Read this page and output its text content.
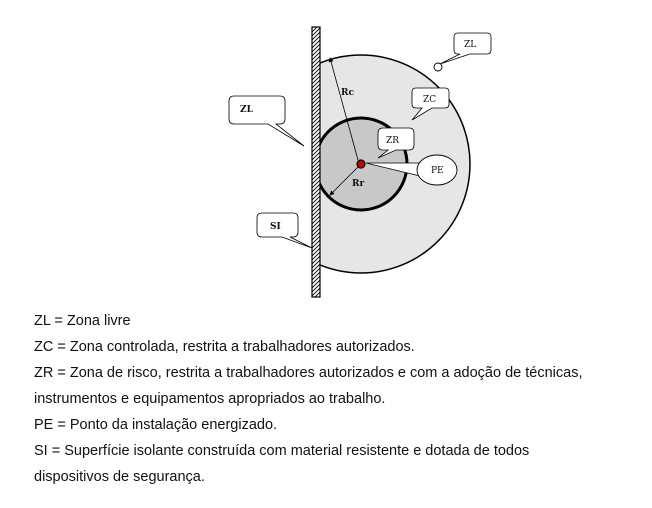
PE
ZR
ZC
ZL
ZL
SI
Rc
Rr
ZL = Zona livre
ZC = Zona controlada, restrita a trabalhadores autorizados.
ZR = Zona de risco, restrita a trabalhadores autorizados e com a adoção de técnicas,
instrumentos e equipamentos apropriados ao trabalho.
PE = Ponto da instalação energizado.
SI = Superfície isolante construída com material resistente e dotada de todos
dispositivos de segurança.
